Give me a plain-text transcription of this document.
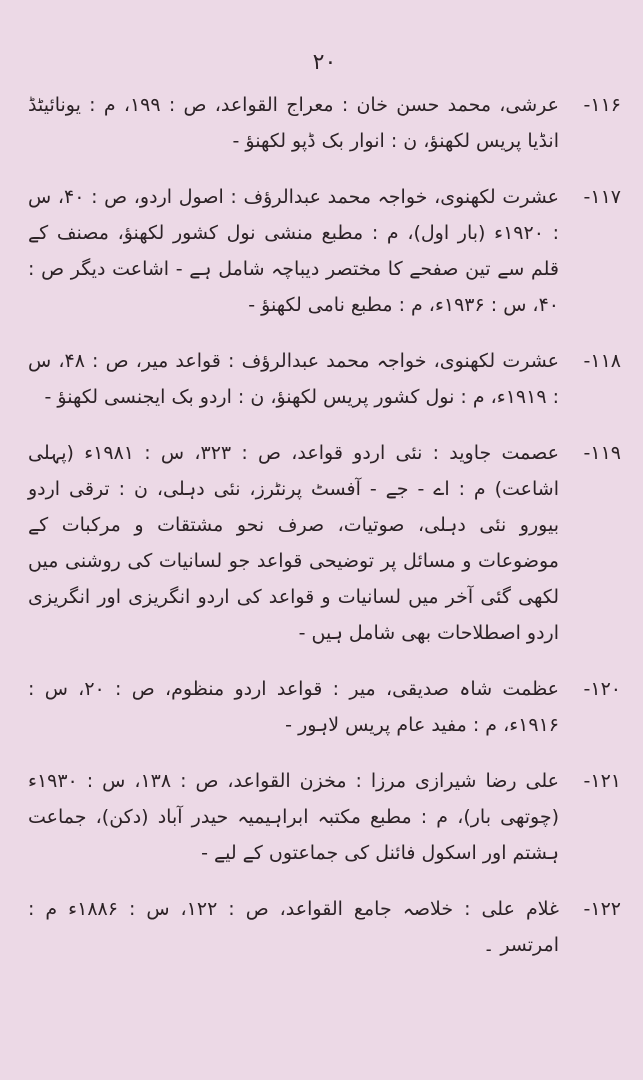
۲۰
۱۱۶-
عرشی، محمد حسن خان : معراج القواعد، ص : ۱۹۹، م : یونائیٹڈ انڈیا پریس لکھنؤ، ن : انوار بک ڈپو لکھنؤ -
۱۱۷-
عشرت لکھنوی، خواجہ محمد عبدالرؤف : اصول اردو، ص : ۴۰، س : ۱۹۲۰ء (بار اول)، م : مطبع منشی نول کشور لکھنؤ، مصنف کے قلم سے تین صفحے کا مختصر دیباچہ شامل ہے - اشاعت دیگر ص : ۴۰، س : ۱۹۳۶ء، م : مطبع نامی لکھنؤ -
۱۱۸-
عشرت لکھنوی، خواجہ محمد عبدالرؤف : قواعد میر، ص : ۴۸، س : ۱۹۱۹ء، م : نول کشور پریس لکھنؤ، ن : اردو بک ایجنسی لکھنؤ -
۱۱۹-
عصمت جاوید : نئی اردو قواعد، ص : ۳۲۳، س : ۱۹۸۱ء (پہلی اشاعت) م : اے - جے - آفسٹ پرنٹرز، نئی دہلی، ن : ترقی اردو بیورو نئی دہلی، صوتیات، صرف نحو مشتقات و مرکبات کے موضوعات و مسائل پر توضیحی قواعد جو لسانیات کی روشنی میں لکھی گئی آخر میں لسانیات و قواعد کی اردو انگریزی اور انگریزی اردو اصطلاحات بھی شامل ہیں -
۱۲۰-
عظمت شاہ صدیقی، میر : قواعد اردو منظوم، ص : ۲۰، س : ۱۹۱۶ء، م : مفید عام پریس لاہور -
۱۲۱-
علی رضا شیرازی مرزا : مخزن القواعد، ص : ۱۳۸، س : ۱۹۳۰ء (چوتھی بار)، م : مطبع مکتبہ ابراہیمیہ حیدر آباد (دکن)، جماعت ہشتم اور اسکول فائنل کی جماعتوں کے لیے -
۱۲۲-
غلام علی : خلاصہ جامع القواعد، ص : ۱۲۲، س : ۱۸۸۶ء م : امرتسر ۔
